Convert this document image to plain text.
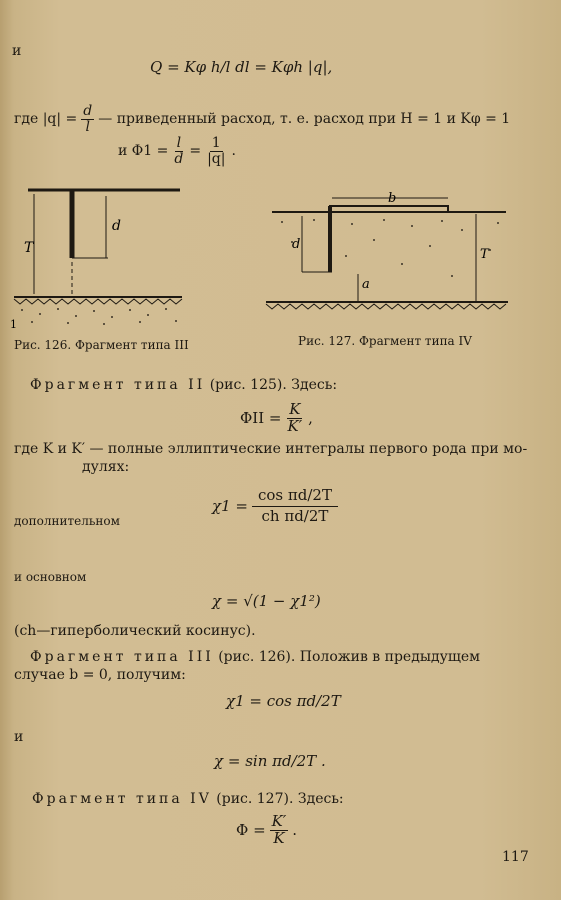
и
Q = Kφ h/l dl = Kφh |q|,
где $|q| = \frac{d}{l}$ — приведенный расход, т. е. расход при H = 1 и Kφ = 1
и $\Phi 1 = \frac{l}{d} = \frac{1}{|q|}$ .
T
d
1
b
d
T
a
Рис. 126. Фрагмент типа III	Рис. 127. Фрагмент типа IV
Фрагмент типа II (рис. 125). Здесь:
$\Phi II = \frac{K}{K'}$ ,
где K и K′ — полные эллиптические интегралы первого рода при мо-
дулях:
дополнительном
$\chi 1 = \frac{\text{cos πd/2T}}{\text{ch πd/2T}}$
и основном
χ = √(1 − χ1²)
(ch—гиперболический косинус).
Фрагмент типа III (рис. 126). Положив в предыдущем
случае b = 0, получим:
χ1 = cos πd/2T
и
χ = sin πd/2T .
Фрагмент типа IV (рис. 127). Здесь:
$\Phi = \frac{K'}{K}$ .
117
